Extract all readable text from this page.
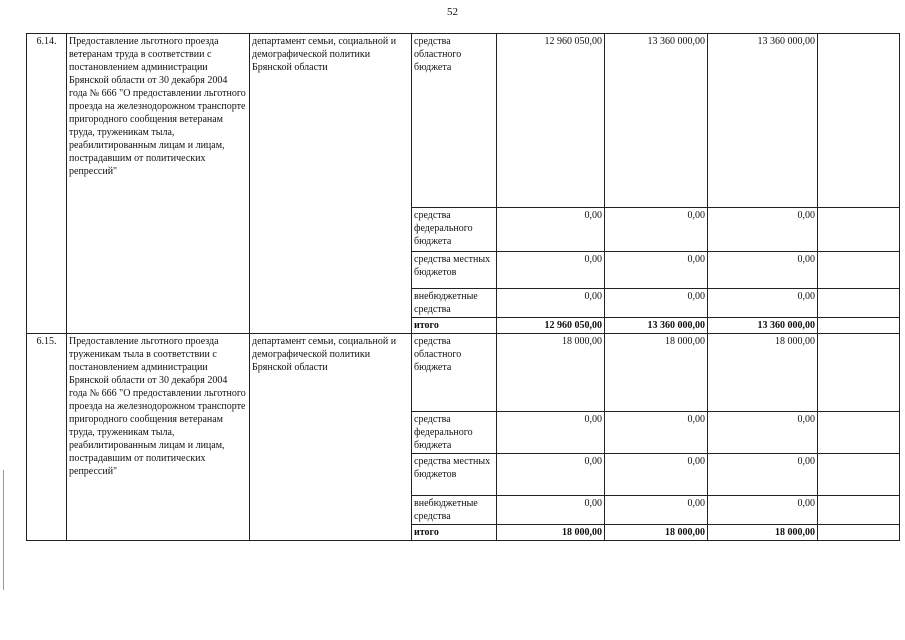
52
6.14.	Предоставление льготного проезда ветеранам труда в соответствии с постановлением администрации Брянской области от 30 декабря 2004 года № 666 "О предоставлении льготного проезда на железнодорожном транспорте пригородного сообщения ветеранам труда, труженикам тыла, реабилитированным лицам и лицам, пострадавшим от политических репрессий"	департамент семьи, социальной и демографической политики Брянской области	средства областного бюджета	12 960 050,00	13 360 000,00	13 360 000,00	
			средства федерального бюджета	0,00	0,00	0,00	
			средства местных бюджетов	0,00	0,00	0,00	
			внебюджетные средства	0,00	0,00	0,00	
			итого	12 960 050,00	13 360 000,00	13 360 000,00	
6.15.	Предоставление льготного проезда труженикам тыла в соответствии с постановлением администрации Брянской области от 30 декабря 2004 года № 666 "О предоставлении льготного проезда на железнодорожном транспорте пригородного сообщения ветеранам труда, труженикам тыла, реабилитированным лицам и лицам, пострадавшим от политических репрессий"	департамент семьи, социальной и демографической политики Брянской области	средства областного бюджета	18 000,00	18 000,00	18 000,00	
			средства федерального бюджета	0,00	0,00	0,00	
			средства местных бюджетов	0,00	0,00	0,00	
			внебюджетные средства	0,00	0,00	0,00	
			итого	18 000,00	18 000,00	18 000,00	
